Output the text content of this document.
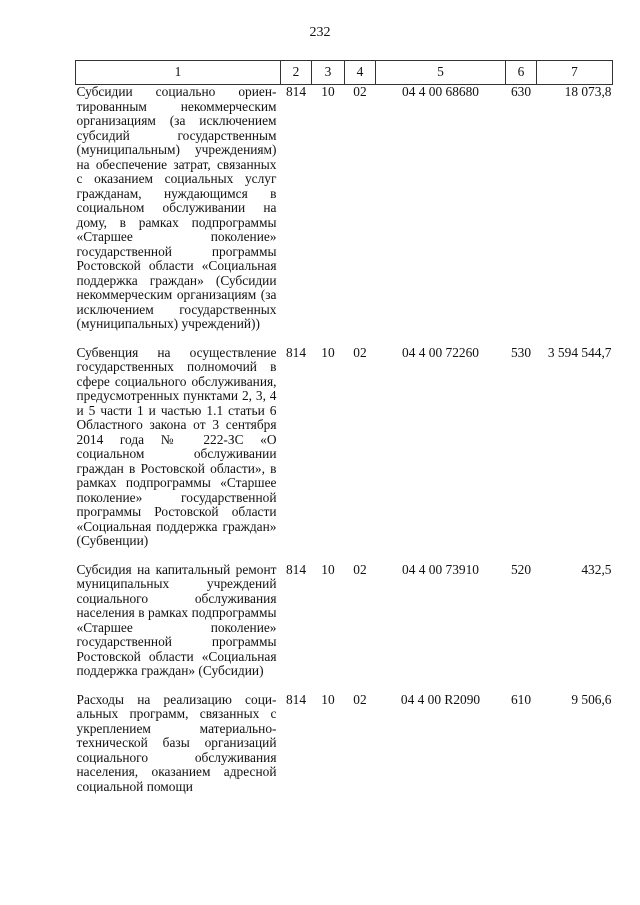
232
1	2	3	4	5	6	7
Субсидии социально ориентированным некоммерческим организациям (за исключением субсидий государственным (муниципальным) учреждениям) на обеспечение затрат, связанных с оказанием социальных услуг гражданам, нуждающимся в социальном обслуживании на дому, в рамках подпрограммы «Старшее поколение» государственной программы Ростовской области «Социальная поддержка граждан» (Субсидии некоммерческим организациям (за исключением государственных (муниципальных) учреждений))	814	10	02	04 4 00 68680	630	18 073,8
Субвенция на осуществление государственных полномочий в сфере социального обслуживания, предусмотренных пунктами 2, 3, 4 и 5 части 1 и частью 1.1 статьи 6 Областного закона от 3 сентября 2014 года № 222-ЗС «О социальном обслуживании граждан в Ростовской области», в рамках подпрограммы «Старшее поколение» государственной программы Ростовской области «Социальная поддержка граждан» (Субвенции)	814	10	02	04 4 00 72260	530	3 594 544,7
Субсидия на капитальный ремонт муниципальных учреждений социального обслуживания населения в рамках подпрограммы «Старшее поколение» государственной программы Ростовской области «Социальная поддержка граждан» (Субсидии)	814	10	02	04 4 00 73910	520	432,5
Расходы на реализацию социальных программ, связанных с укреплением материально-технической базы организаций социального обслуживания населения, оказанием адресной социальной помощи	814	10	02	04 4 00 R2090	610	9 506,6
